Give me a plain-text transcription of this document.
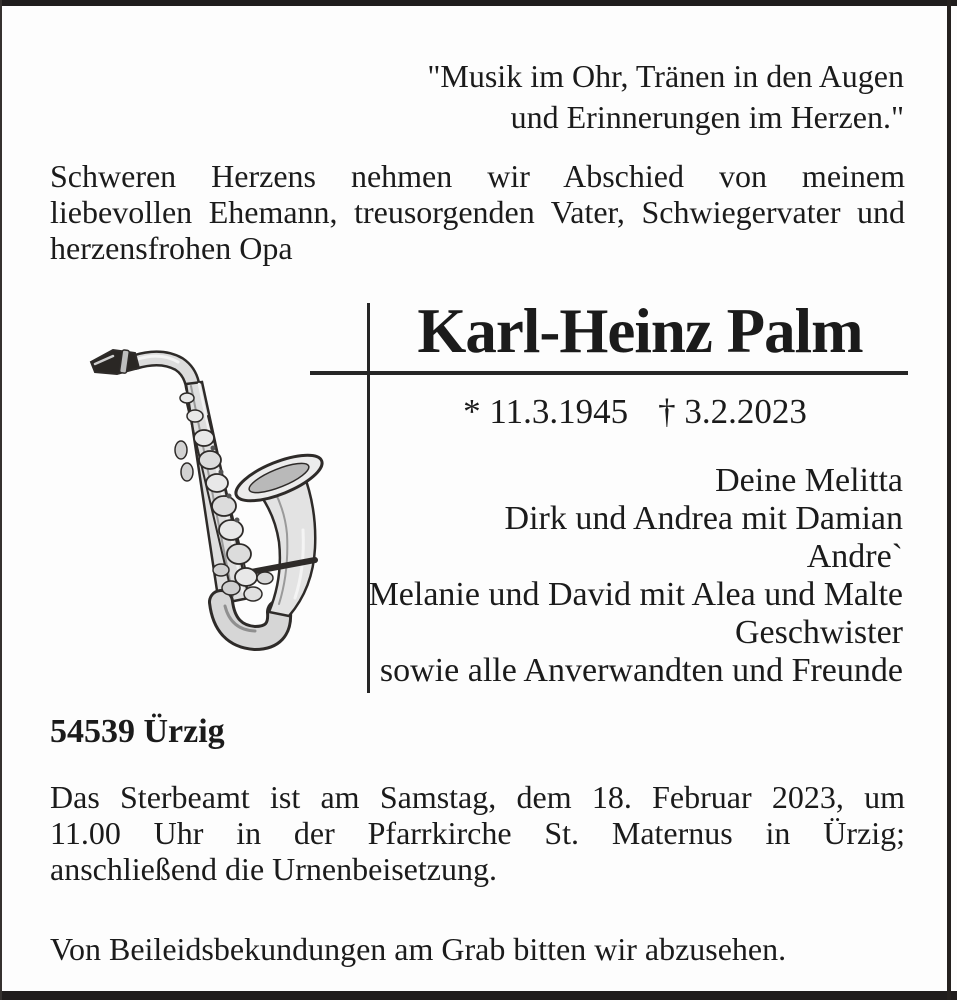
"Musik im Ohr, Tränen in den Augen
und Erinnerungen im Herzen."
Schweren Herzens nehmen wir Abschied von meinem
liebevollen Ehemann, treusorgenden Vater, Schwiegervater und
herzensfrohen Opa
Karl-Heinz Palm
* 11.3.1945 † 3.2.2023
Deine Melitta
Dirk und Andrea mit Damian
Andre`
Melanie und David mit Alea und Malte
Geschwister
sowie alle Anverwandten und Freunde
54539 Ürzig
Das Sterbeamt ist am Samstag, dem 18. Februar 2023, um
11.00 Uhr in der Pfarrkirche St. Maternus in Ürzig;
anschließend die Urnenbeisetzung.
Von Beileidsbekundungen am Grab bitten wir abzusehen.
